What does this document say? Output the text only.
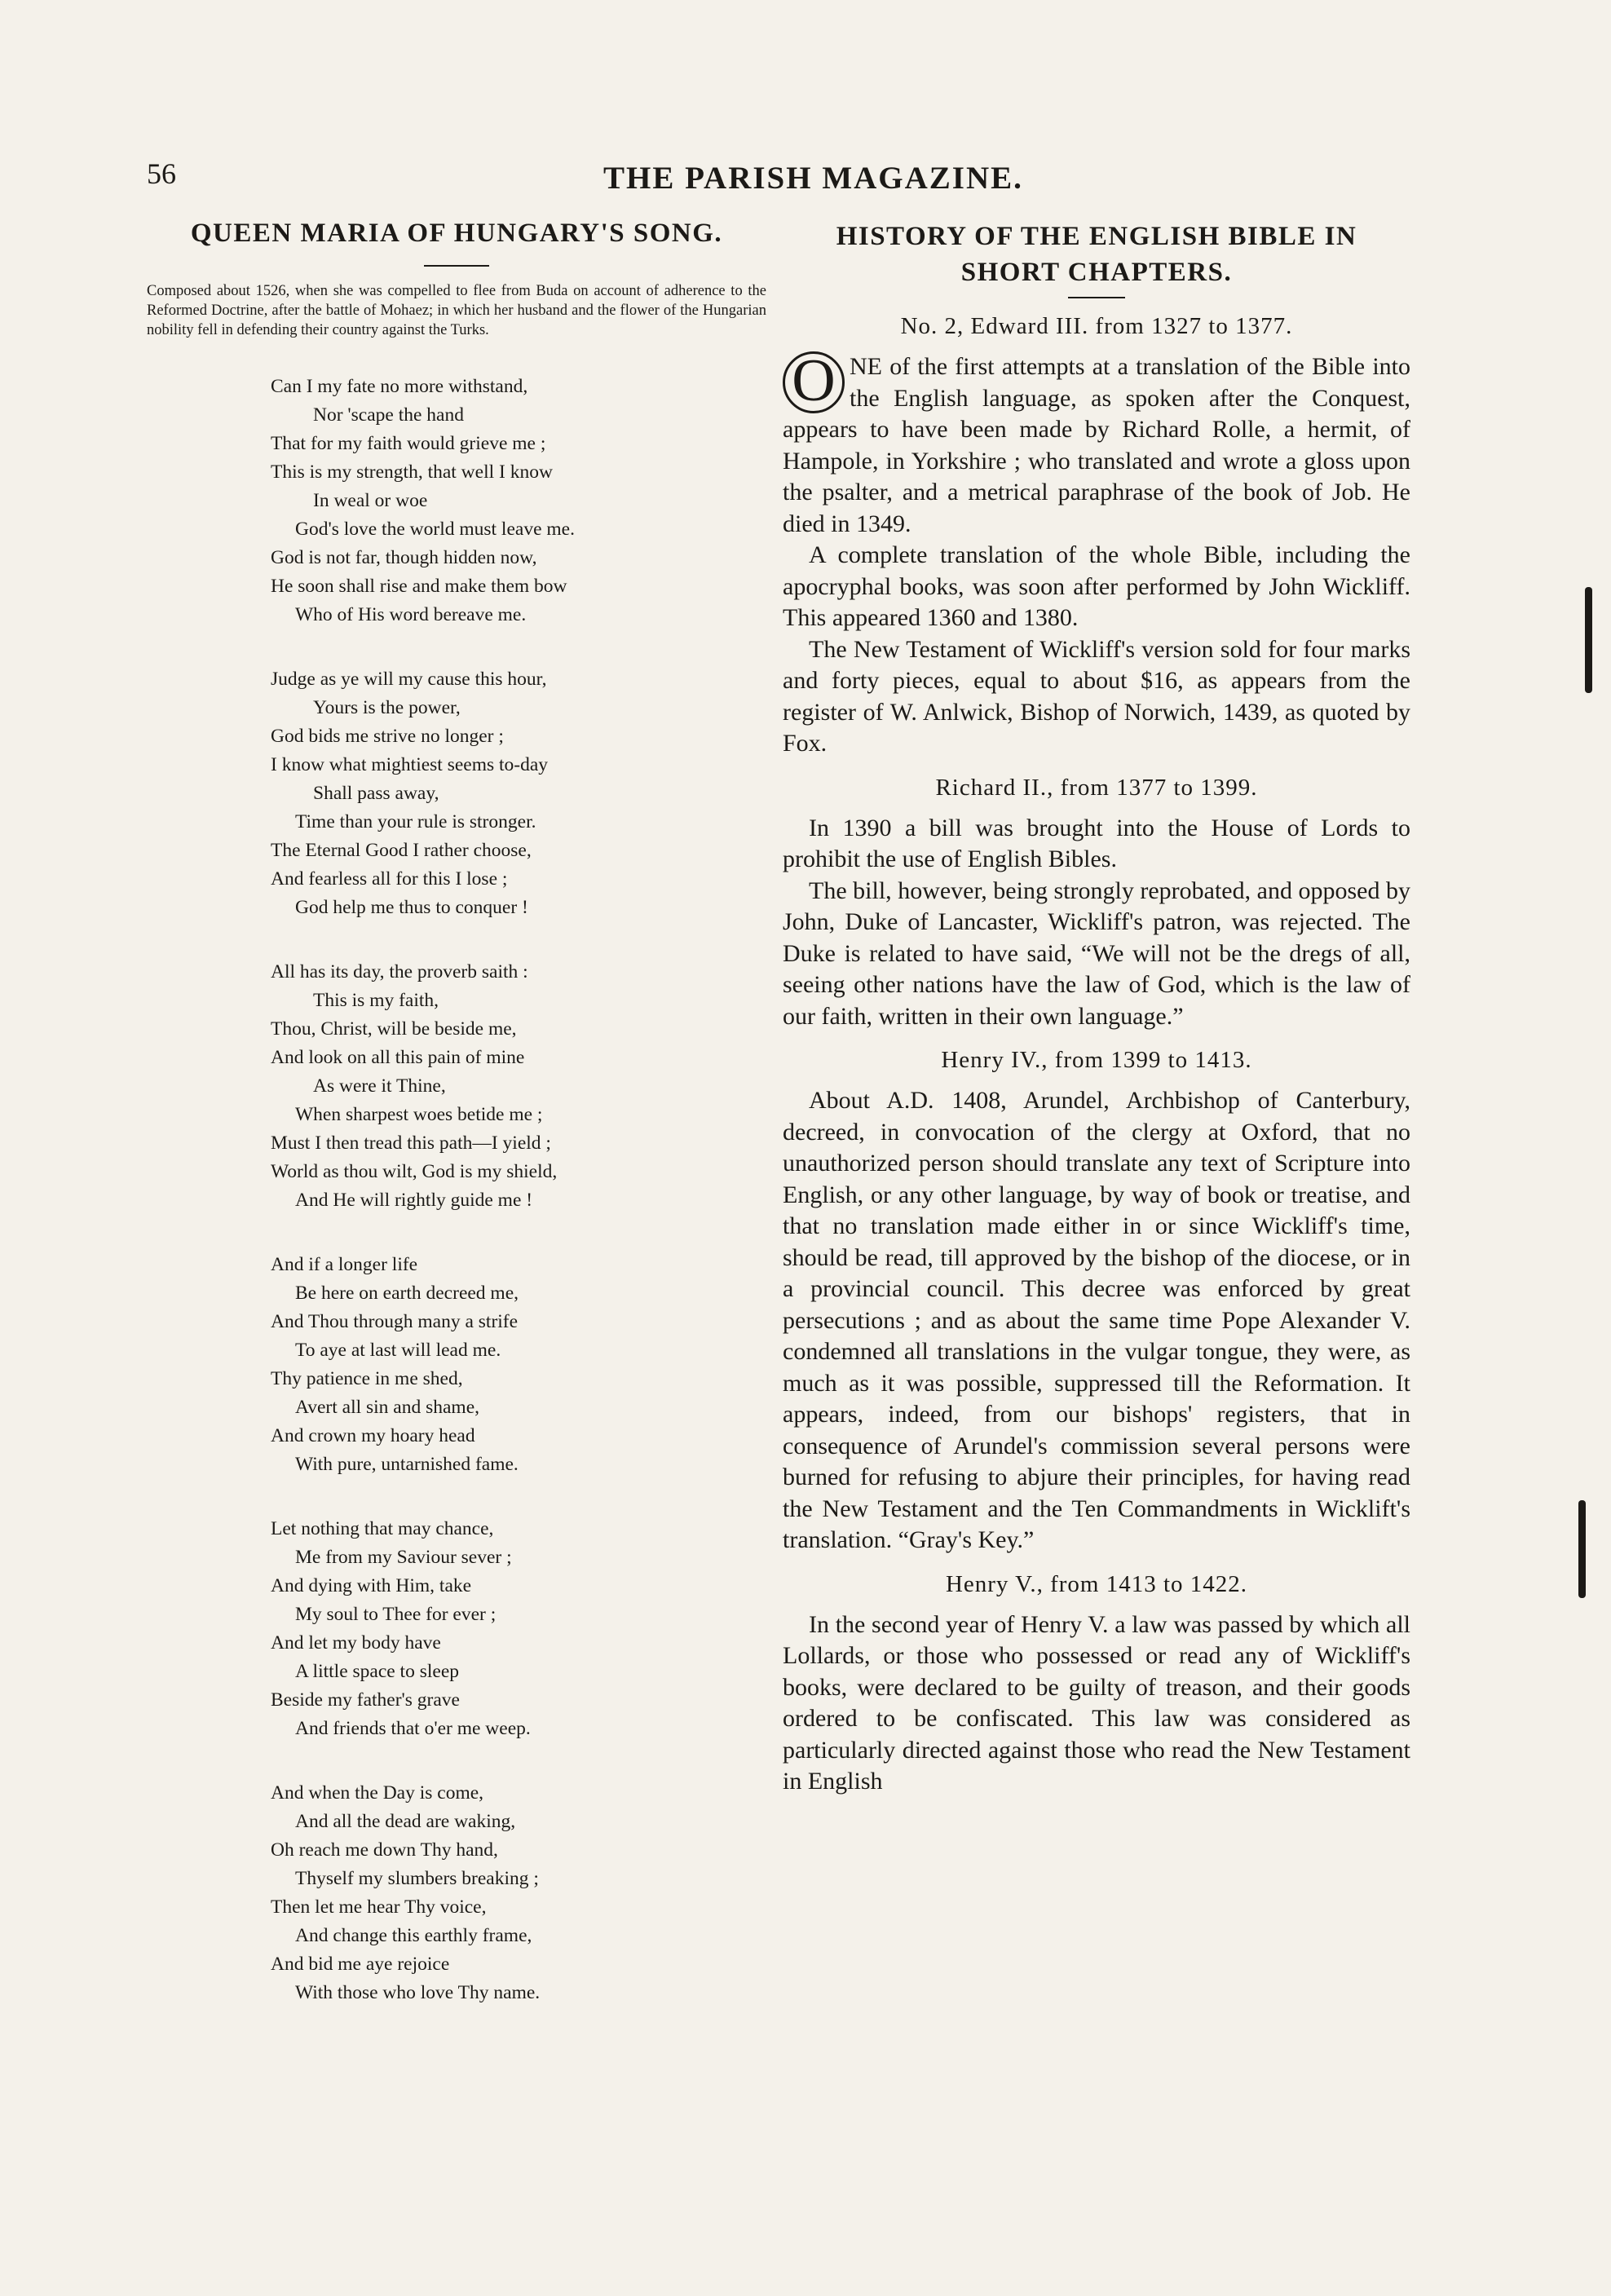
56	THE PARISH MAGAZINE.
QUEEN MARIA OF HUNGARY'S SONG.

Composed about 1526, when she was compelled to flee from Buda on account of adherence to the Reformed Doctrine, after the battle of Mohaez; in which her husband and the flower of the Hungarian nobility fell in defending their country against the Turks.

Can I my fate no more withstand,
Nor 'scape the hand
That for my faith would grieve me ;
This is my strength, that well I know
In weal or woe
God's love the world must leave me.
God is not far, though hidden now,
He soon shall rise and make them bow
Who of His word bereave me.
Judge as ye will my cause this hour,
Yours is the power,
God bids me strive no longer ;
I know what mightiest seems to-day
Shall pass away,
Time than your rule is stronger.
The Eternal Good I rather choose,
And fearless all for this I lose ;
God help me thus to conquer !
All has its day, the proverb saith :
This is my faith,
Thou, Christ, will be beside me,
And look on all this pain of mine
As were it Thine,
When sharpest woes betide me ;
Must I then tread this path—I yield ;
World as thou wilt, God is my shield,
And He will rightly guide me !
And if a longer life
Be here on earth decreed me,
And Thou through many a strife
To aye at last will lead me.
Thy patience in me shed,
Avert all sin and shame,
And crown my hoary head
With pure, untarnished fame.
Let nothing that may chance,
Me from my Saviour sever ;
And dying with Him, take
My soul to Thee for ever ;
And let my body have
A little space to sleep
Beside my father's grave
And friends that o'er me weep.
And when the Day is come,
And all the dead are waking,
Oh reach me down Thy hand,
Thyself my slumbers breaking ;
Then let me hear Thy voice,
And change this earthly frame,
And bid me aye rejoice
With those who love Thy name.
HISTORY OF THE ENGLISH BIBLE IN
SHORT CHAPTERS.
No. 2, Edward III. from 1327 to 1377.

O NE of the first attempts at a translation of the Bible into the English language, as spoken after the Conquest, appears to have been made by Richard Rolle, a hermit, of Hampole, in Yorkshire ; who translated and wrote a gloss upon the psalter, and a metrical paraphrase of the book of Job. He died in 1349.

A complete translation of the whole Bible, including the apocryphal books, was soon after performed by John Wickliff. This appeared 1360 and 1380.

The New Testament of Wickliff's version sold for four marks and forty pieces, equal to about $16, as appears from the register of W. Anlwick, Bishop of Norwich, 1439, as quoted by Fox.

Richard II., from 1377 to 1399.

In 1390 a bill was brought into the House of Lords to prohibit the use of English Bibles.

The bill, however, being strongly reprobated, and opposed by John, Duke of Lancaster, Wickliff's patron, was rejected. The Duke is related to have said, “We will not be the dregs of all, seeing other nations have the law of God, which is the law of our faith, written in their own language.”

Henry IV., from 1399 to 1413.

About A.D. 1408, Arundel, Archbishop of Canterbury, decreed, in convocation of the clergy at Oxford, that no unauthorized person should translate any text of Scripture into English, or any other language, by way of book or treatise, and that no translation made either in or since Wickliff's time, should be read, till approved by the bishop of the diocese, or in a provincial council. This decree was enforced by great persecutions ; and as about the same time Pope Alexander V. condemned all translations in the vulgar tongue, they were, as much as it was possible, suppressed till the Reformation. It appears, indeed, from our bishops' registers, that in consequence of Arundel's commission several persons were burned for refusing to abjure their principles, for having read the New Testament and the Ten Commandments in Wicklift's translation. “Gray's Key.”

Henry V., from 1413 to 1422.

In the second year of Henry V. a law was passed by which all Lollards, or those who possessed or read any of Wickliff's books, were declared to be guilty of treason, and their goods ordered to be confiscated. This law was considered as particularly directed against those who read the New Testament in English
